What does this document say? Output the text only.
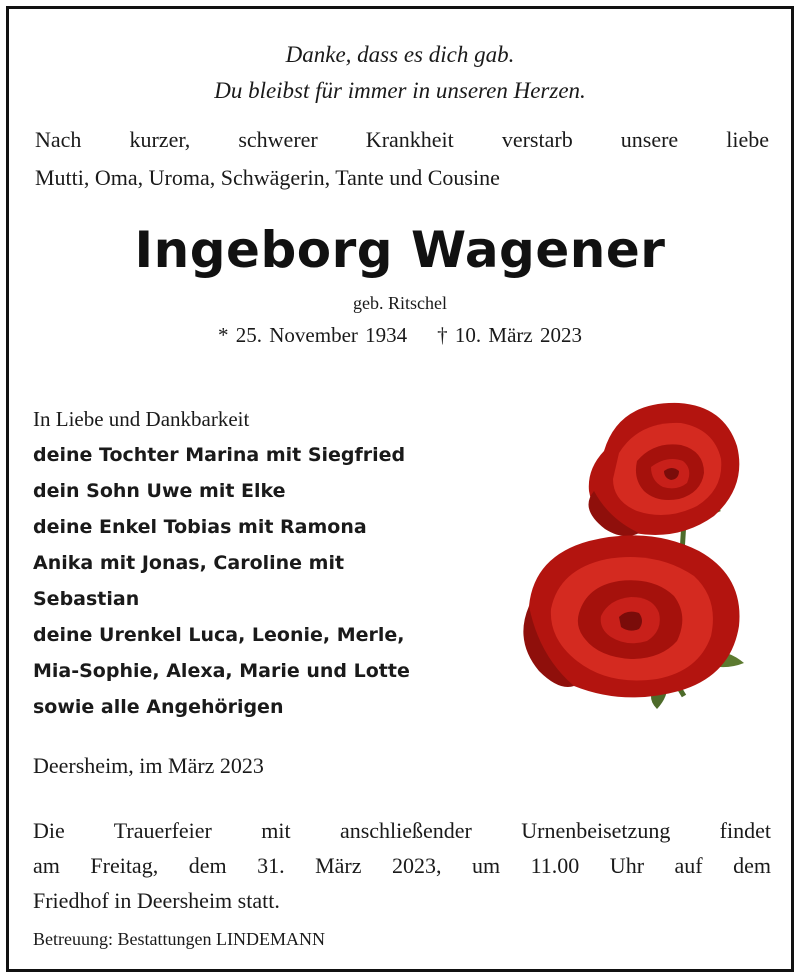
Danke, dass es dich gab.
Du bleibst für immer in unseren Herzen.
Nach kurzer, schwerer Krankheit verstarb unsere liebe
Mutti, Oma, Uroma, Schwägerin, Tante und Cousine
Ingeborg Wagener
geb. Ritschel
* 25. November 1934 † 10. März 2023
In Liebe und Dankbarkeit
deine Tochter Marina mit Siegfried
dein Sohn Uwe mit Elke
deine Enkel Tobias mit Ramona
Anika mit Jonas, Caroline mit
Sebastian
deine Urenkel Luca, Leonie, Merle,
Mia-Sophie, Alexa, Marie und Lotte
sowie alle Angehörigen
Deersheim, im März 2023
Die Trauerfeier mit anschließender Urnenbeisetzung findet
am Freitag, dem 31. März 2023, um 11.00 Uhr auf dem
Friedhof in Deersheim statt.
Betreuung: Bestattungen LINDEMANN
